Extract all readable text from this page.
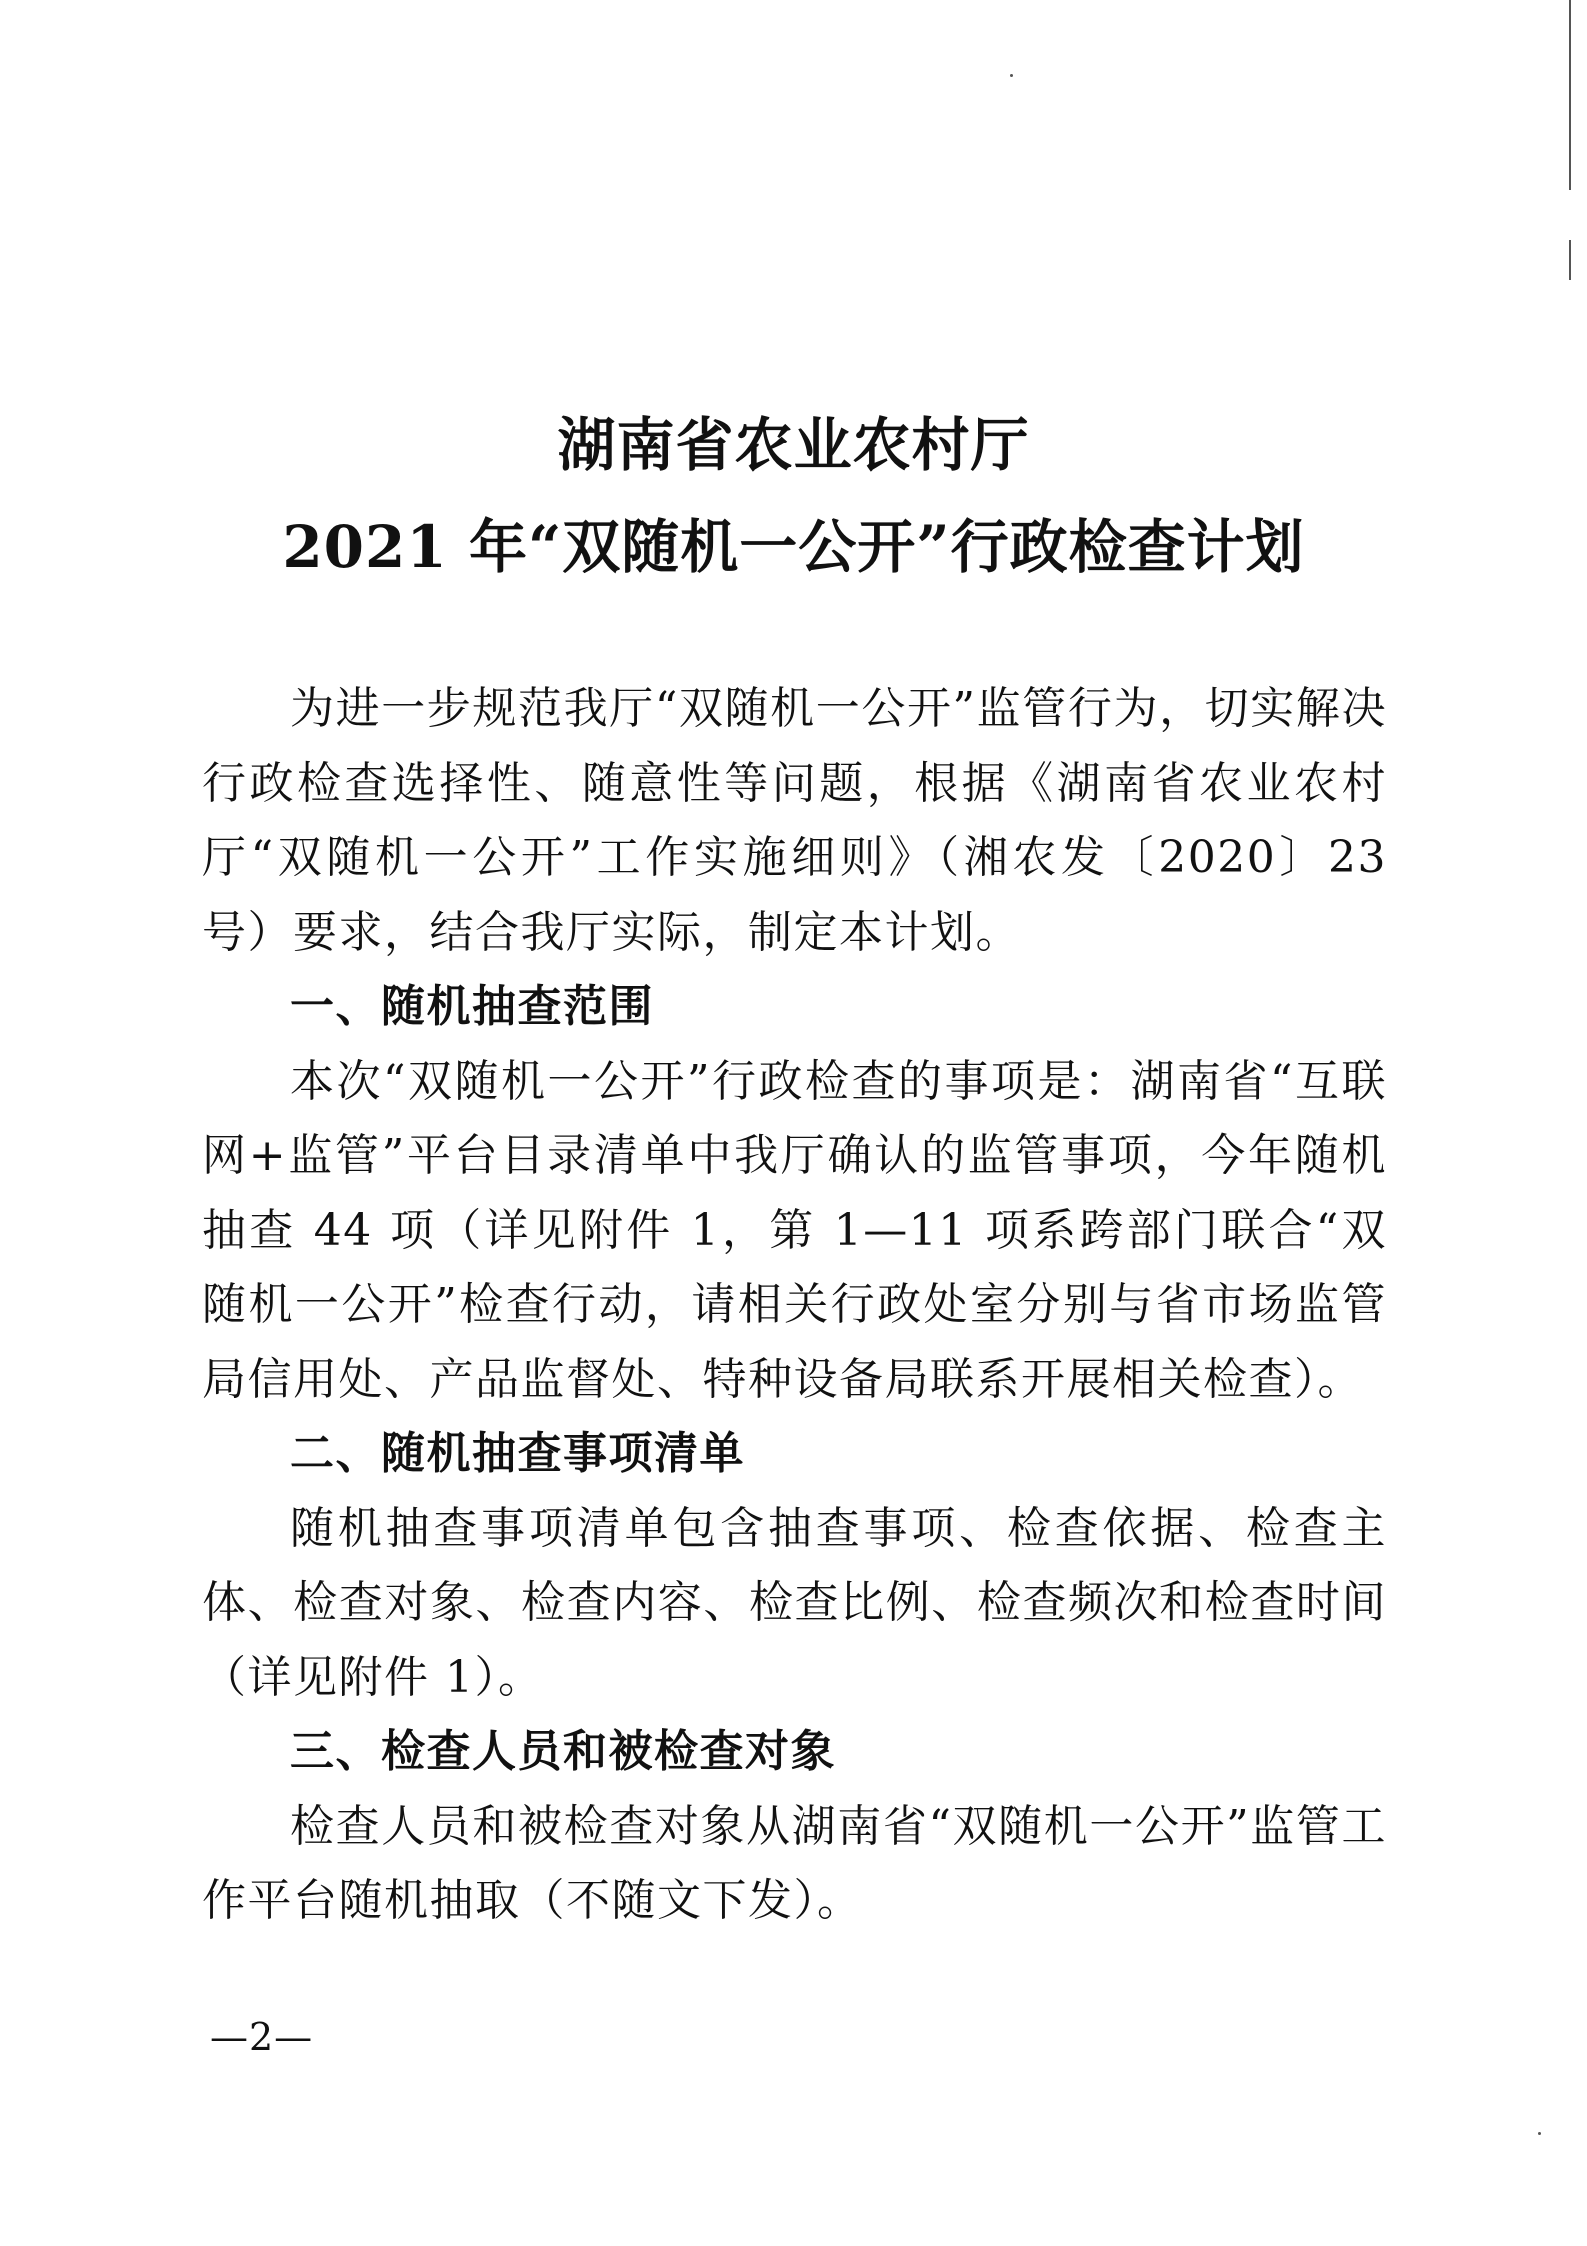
湖南省农业农村厅
2021 年“双随机一公开”行政检查计划

为进一步规范我厅“双随机一公开”监管行为，切实解决行政检查选择性、随意性等问题，根据《湖南省农业农村厅“双随机一公开”工作实施细则》（湘农发〔2020〕23 号）要求，结合我厅实际，制定本计划。

一、随机抽查范围

本次“双随机一公开”行政检查的事项是：湖南省“互联网+监管”平台目录清单中我厅确认的监管事项，今年随机抽查 44 项（详见附件 1，第 1—11 项系跨部门联合“双随机一公开”检查行动，请相关行政处室分别与省市场监管局信用处、产品监督处、特种设备局联系开展相关检查）。

二、随机抽查事项清单

随机抽查事项清单包含抽查事项、检查依据、检查主体、检查对象、检查内容、检查比例、检查频次和检查时间（详见附件 1）。

三、检查人员和被检查对象

检查人员和被检查对象从湖南省“双随机一公开”监管工作平台随机抽取（不随文下发）。

—2—
